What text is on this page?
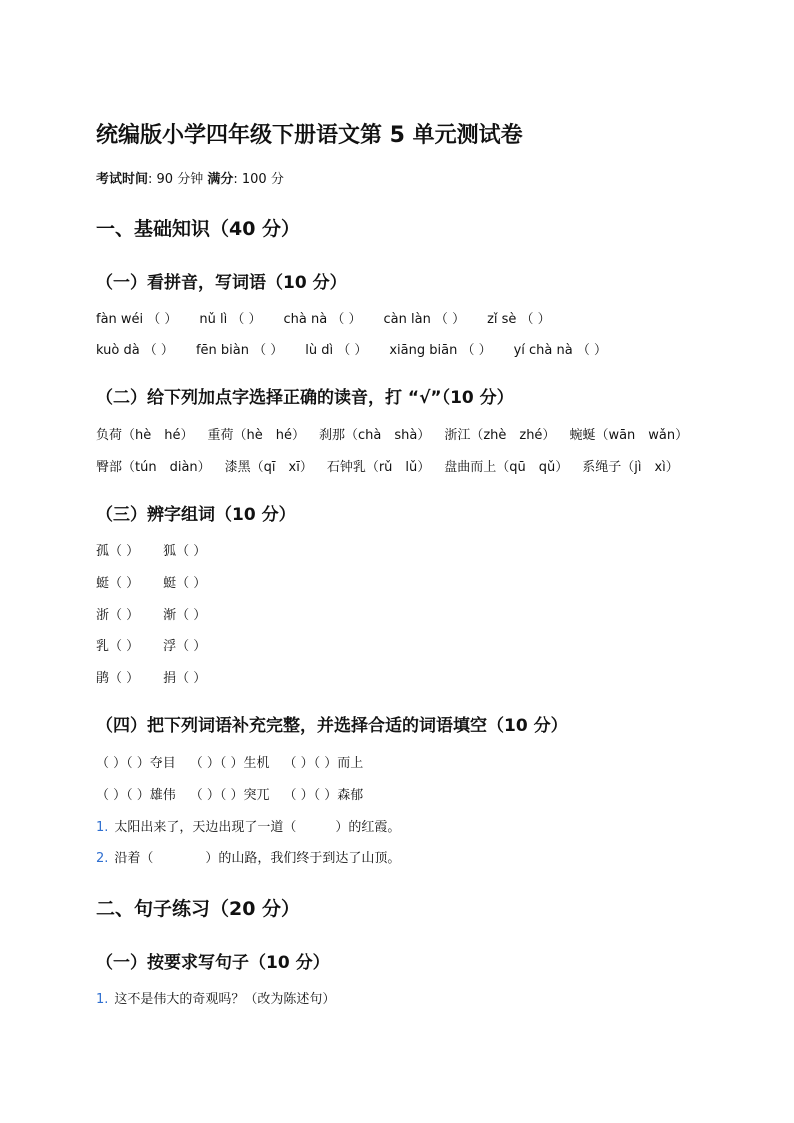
统编版小学四年级下册语文第 5 单元测试卷
考试时间: 90 分钟 满分: 100 分
一、基础知识（40 分）
（一）看拼音，写词语（10 分）
fàn wéi （ ） nǔ lì （ ） chà nà （ ） càn làn （ ） zǐ sè （ ）
kuò dà （ ） fēn biàn （ ） lù dì （ ） xiāng biān （ ） yí chà nà （ ）
（二）给下列加点字选择正确的读音，打 “√”（10 分）
负荷（hè　hé） 重荷（hè　hé） 刹那（chà　shà） 浙江（zhè　zhé） 蜿蜒（wān　wǎn）
臀部（tún　diàn） 漆黑（qī　xī） 石钟乳（rǔ　lǔ） 盘曲而上（qū　qǔ） 系绳子（jì　xì）
（三）辨字组词（10 分）
孤（ ） 狐（ ）
蜓（ ） 蜓（ ）
浙（ ） 渐（ ）
乳（ ） 浮（ ）
鹃（ ） 捐（ ）
（四）把下列词语补充完整，并选择合适的词语填空（10 分）
（ ）（ ）夺目 （ ）（ ）生机 （ ）（ ）而上
（ ）（ ）雄伟 （ ）（ ）突兀 （ ）（ ）森郁
1. 太阳出来了，天边出现了一道（　　　）的红霞。
2. 沿着（　　　　）的山路，我们终于到达了山顶。
二、句子练习（20 分）
（一）按要求写句子（10 分）
1. 这不是伟大的奇观吗？（改为陈述句）
